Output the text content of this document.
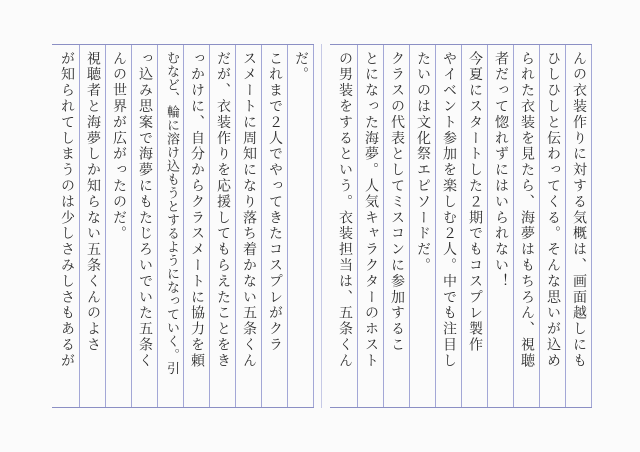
んの衣装作りに対する気概は、画面越しにも
ひしひしと伝わってくる。そんな思いが込め
られた衣装を見たら、海夢はもちろん、視聴
者だって惚れずにはいられない！
今夏にスタートした２期でもコスプレ製作
やイベント参加を楽しむ２人。中でも注目し
たいのは文化祭エピソードだ。
クラスの代表としてミスコンに参加するこ
とになった海夢。人気キャラクターのホスト
の男装をするという。衣装担当は、五条くん
だ。
これまで２人でやってきたコスプレがクラ
スメートに周知になり落ち着かない五条くん
だが、衣装作りを応援してもらえたことをき
っかけに、自分からクラスメートに協力を頼
むなど、輪に溶け込もうとするようになっていく。引
っ込み思案で海夢にもたじろいでいた五条く
んの世界が広がったのだ。
視聴者と海夢しか知らない五条くんのよさ
が知られてしまうのは少しさみしさもあるが
